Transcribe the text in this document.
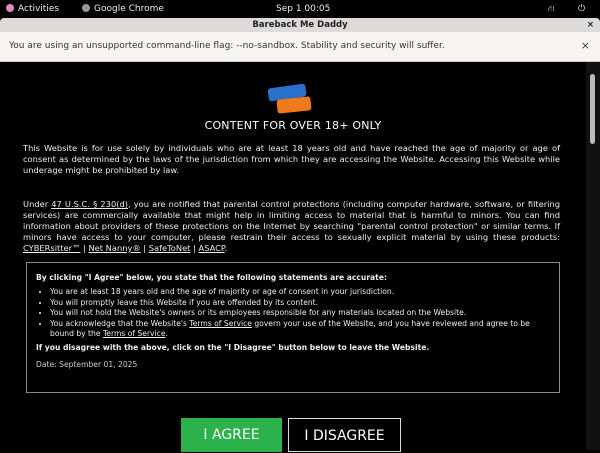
Activities	Google Chrome	Sep 1 00:05	⛙	⏻
Bareback Me Daddy	×
You are using an unsupported command-line flag: --no-sandbox. Stability and security will suffer.	×
CONTENT FOR OVER 18+ ONLY

This Website is for use solely by individuals who are at least 18 years old and have reached the age of majority or age of consent as determined by the laws of the jurisdiction from which they are accessing the Website. Accessing this Website while underage might be prohibited by law.

Under 47 U.S.C. § 230(d), you are notified that parental control protections (including computer hardware, software, or filtering services) are commercially available that might help in limiting access to material that is harmful to minors. You can find information about providers of these protections on the Internet by searching "parental control protection" or similar terms. If minors have access to your computer, please restrain their access to sexually explicit material by using these products: CYBERsitter™ | Net Nanny® | SafeToNet | ASACP.

By clicking "I Agree" below, you state that the following statements are accurate:
• You are at least 18 years old and the age of majority or age of consent in your jurisdiction.
• You will promptly leave this Website if you are offended by its content.
• You will not hold the Website's owners or its employees responsible for any materials located on the Website.
• You acknowledge that the Website's Terms of Service govern your use of the Website, and you have reviewed and agree to be bound by the Terms of Service.
If you disagree with the above, click on the "I Disagree" button below to leave the Website.
Date: September 01, 2025
I AGREE	I DISAGREE
